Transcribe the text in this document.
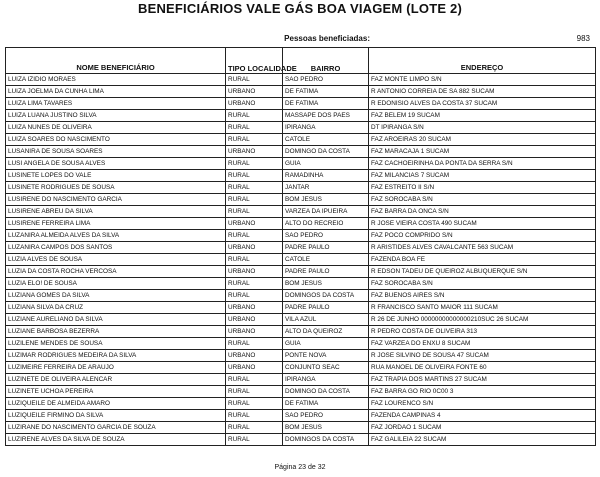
BENEFICIÁRIOS VALE GÁS BOA VIAGEM (LOTE 2)
Pessoas beneficiadas:	983
NOME BENEFICIÁRIO	TIPO LOCALIDADE	BAIRRO	ENDEREÇO
LUIZA IZIDIO MORAES	RURAL	SAO PEDRO	FAZ MONTE LIMPO S/N
LUIZA JOELMA DA CUNHA LIMA	URBANO	DE FATIMA	R ANTONIO CORREIA DE SA 882 SUCAM
LUIZA LIMA TAVARES	URBANO	DE FATIMA	R EDONISIO ALVES DA COSTA 37 SUCAM
LUIZA LUANA JUSTINO SILVA	RURAL	MASSAPE DOS PAES	FAZ BELEM 19 SUCAM
LUIZA NUNES DE OLIVEIRA	RURAL	IPIRANGA	DT IPIRANGA S/N
LUIZA SOARES DO NASCIMENTO	RURAL	CATOLE	FAZ AROEIRAS 20 SUCAM
LUSANIRA DE SOUSA SOARES	URBANO	DOMINGO DA COSTA	FAZ MARACAJA 1 SUCAM
LUSI ANGELA DE SOUSA ALVES	RURAL	GUIA	FAZ CACHOEIRINHA DA PONTA DA SERRA S/N
LUSINETE LOPES DO VALE	RURAL	RAMADINHA	FAZ MILANCIAS 7 SUCAM
LUSINETE RODRIGUES DE SOUSA	RURAL	JANTAR	FAZ ESTREITO II S/N
LUSIRENE DO NASCIMENTO GARCIA	RURAL	BOM JESUS	FAZ SOROCABA S/N
LUSIRENE ABREU DA SILVA	RURAL	VARZEA DA IPUEIRA	FAZ BARRA DA ONCA S/N
LUSIRENE FERREIRA LIMA	URBANO	ALTO DO RECREIO	R JOSE VIEIRA COSTA 490 SUCAM
LUZANIRA ALMEIDA ALVES DA SILVA	RURAL	SAO PEDRO	FAZ POCO COMPRIDO S/N
LUZANIRA CAMPOS DOS SANTOS	URBANO	PADRE PAULO	R ARISTIDES ALVES CAVALCANTE 563 SUCAM
LUZIA ALVES DE SOUSA	RURAL	CATOLE	FAZENDA BOA FE
LUZIA DA COSTA ROCHA VERCOSA	URBANO	PADRE PAULO	R EDSON TADEU DE QUEIROZ ALBUQUERQUE S/N
LUZIA ELO! DE SOUSA	RURAL	BOM JESUS	FAZ SOROCABA S/N
LUZIANA GOMES DA SILVA	RURAL	DOMINGOS DA COSTA	FAZ BUENOS AIRES S/N
LUZIANA SILVA DA CRUZ	URBANO	PADRE PAULO	R FRANCISCO SANTO MAIOR 111 SUCAM
LUZIANE AURELIANO DA SILVA	URBANO	VILA AZUL	R 26 DE JUNHO 00000000000000210SUC 26 SUCAM
LUZIANE BARBOSA BEZERRA	URBANO	ALTO DA QUEIROZ	R PEDRO COSTA DE OLIVEIRA 313
LUZILENE MENDES DE SOUSA	RURAL	GUIA	FAZ VARZEA DO ENXU 8 SUCAM
LUZIMAR RODRIGUES MEDEIRA DA SILVA	URBANO	PONTE NOVA	R JOSE SILVINO DE SOUSA 47 SUCAM
LUZIMEIRE FERREIRA DE ARAUJO	URBANO	CONJUNTO SEAC	RUA MANOEL DE OLIVEIRA FONTE 60
LUZINETE DE OLIVEIRA ALENCAR	RURAL	IPIRANGA	FAZ TRAPIA DOS MARTINS 27 SUCAM
LUZINETE UCHOA PEREIRA	RURAL	DOMINGO DA COSTA	FAZ BARRA GO RIO 0C00 3
LUZIQUEILE DE ALMEIDA AMARO	RURAL	DE FATIMA	FAZ LOURENCO S/N
LUZIQUEILE FIRMINO DA SILVA	RURAL	SAO PEDRO	FAZENDA CAMPINAS 4
LUZIRANE DO NASCIMENTO GARCIA DE SOUZA	RURAL	BOM JESUS	FAZ JORDAO 1 SUCAM
LUZIRENE ALVES DA SILVA DE SOUZA	RURAL	DOMINGOS DA COSTA	FAZ GALILEIA 22 SUCAM
Página 23 de 32
